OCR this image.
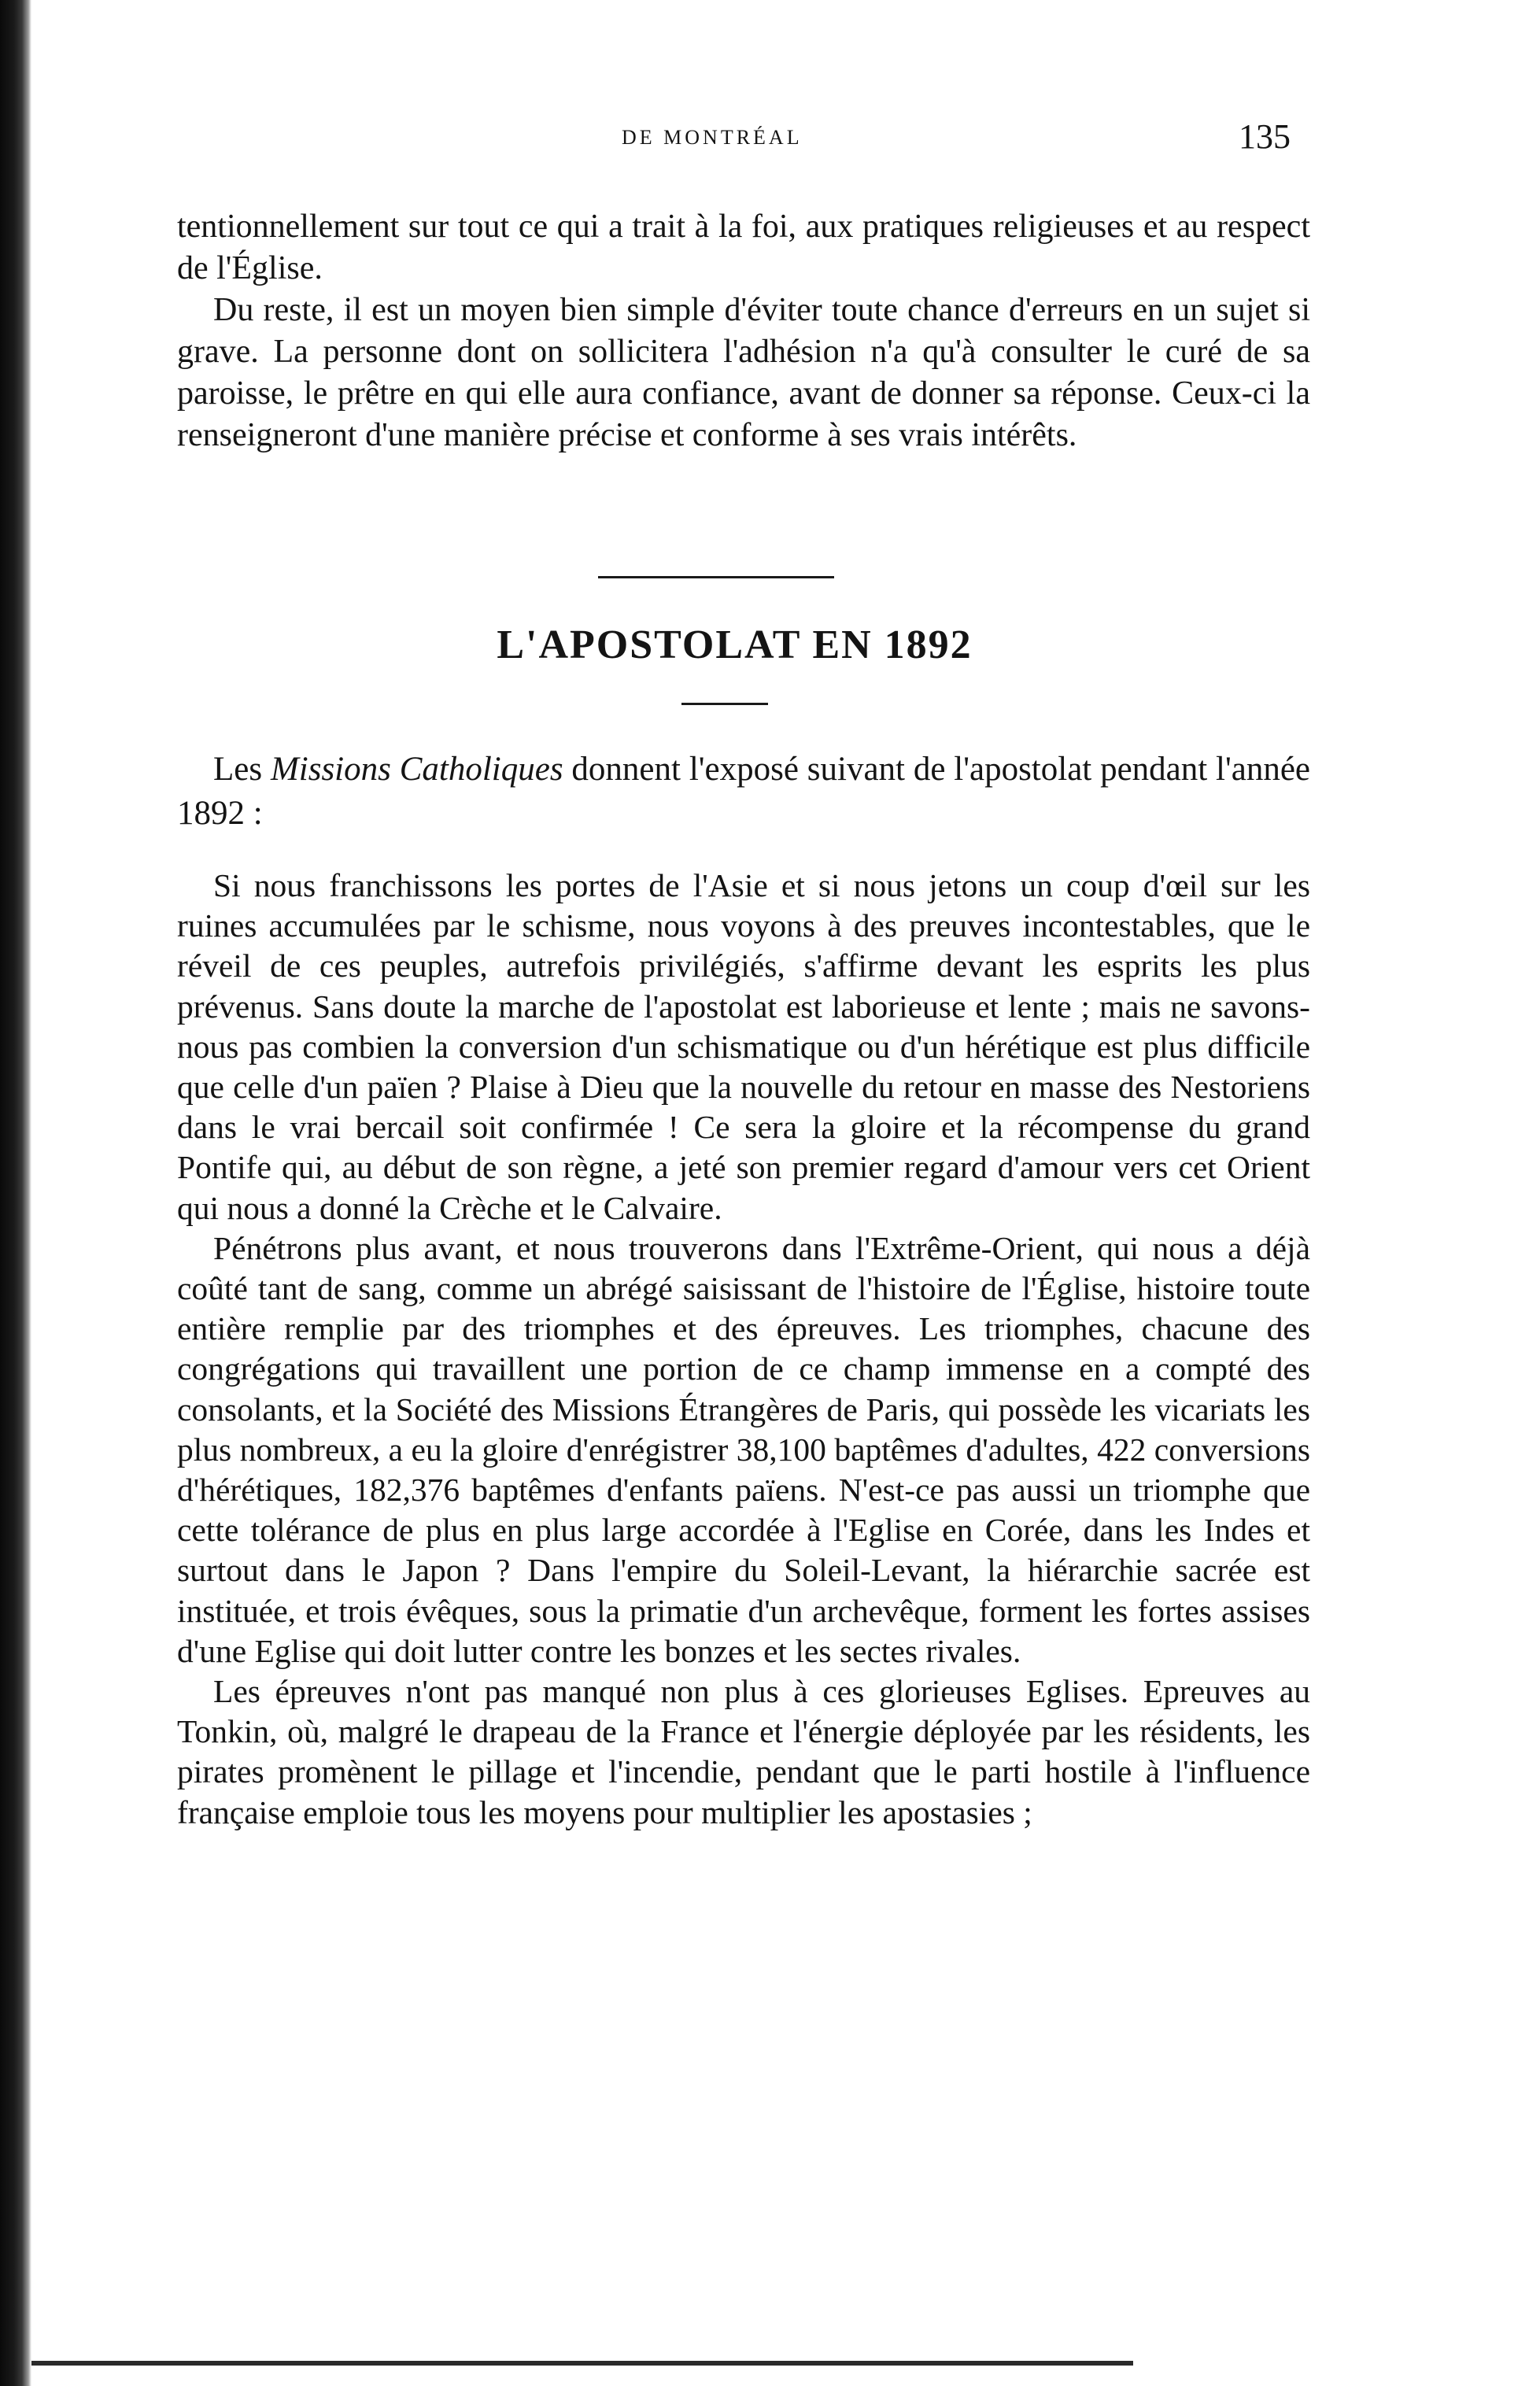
DE MONTRÉAL	135

tentionnellement sur tout ce qui a trait à la foi, aux pratiques religieuses et au respect de l'Église.

Du reste, il est un moyen bien simple d'éviter toute chance d'erreurs en un sujet si grave. La personne dont on sollicitera l'adhésion n'a qu'à consulter le curé de sa paroisse, le prêtre en qui elle aura confiance, avant de donner sa réponse. Ceux-ci la renseigneront d'une manière précise et conforme à ses vrais intérêts.

L'APOSTOLAT EN 1892

Les Missions Catholiques donnent l'exposé suivant de l'apostolat pendant l'année 1892 :

Si nous franchissons les portes de l'Asie et si nous jetons un coup d'œil sur les ruines accumulées par le schisme, nous voyons à des preuves incontestables, que le réveil de ces peuples, autrefois privilégiés, s'affirme devant les esprits les plus prévenus. Sans doute la marche de l'apostolat est laborieuse et lente ; mais ne savons-nous pas combien la conversion d'un schismatique ou d'un hérétique est plus difficile que celle d'un païen ? Plaise à Dieu que la nouvelle du retour en masse des Nestoriens dans le vrai bercail soit confirmée ! Ce sera la gloire et la récompense du grand Pontife qui, au début de son règne, a jeté son premier regard d'amour vers cet Orient qui nous a donné la Crèche et le Calvaire.

Pénétrons plus avant, et nous trouverons dans l'Extrême-Orient, qui nous a déjà coûté tant de sang, comme un abrégé saisissant de l'histoire de l'Église, histoire toute entière remplie par des triomphes et des épreuves. Les triomphes, chacune des congrégations qui travaillent une portion de ce champ immense en a compté des consolants, et la Société des Missions Étrangères de Paris, qui possède les vicariats les plus nombreux, a eu la gloire d'enrégistrer 38,100 baptêmes d'adultes, 422 conversions d'hérétiques, 182,376 baptêmes d'enfants païens. N'est-ce pas aussi un triomphe que cette tolérance de plus en plus large accordée à l'Eglise en Corée, dans les Indes et surtout dans le Japon ? Dans l'empire du Soleil-Levant, la hiérarchie sacrée est instituée, et trois évêques, sous la primatie d'un archevêque, forment les fortes assises d'une Eglise qui doit lutter contre les bonzes et les sectes rivales.

Les épreuves n'ont pas manqué non plus à ces glorieuses Eglises. Epreuves au Tonkin, où, malgré le drapeau de la France et l'énergie déployée par les résidents, les pirates promènent le pillage et l'incendie, pendant que le parti hostile à l'influence française emploie tous les moyens pour multiplier les apostasies ;
